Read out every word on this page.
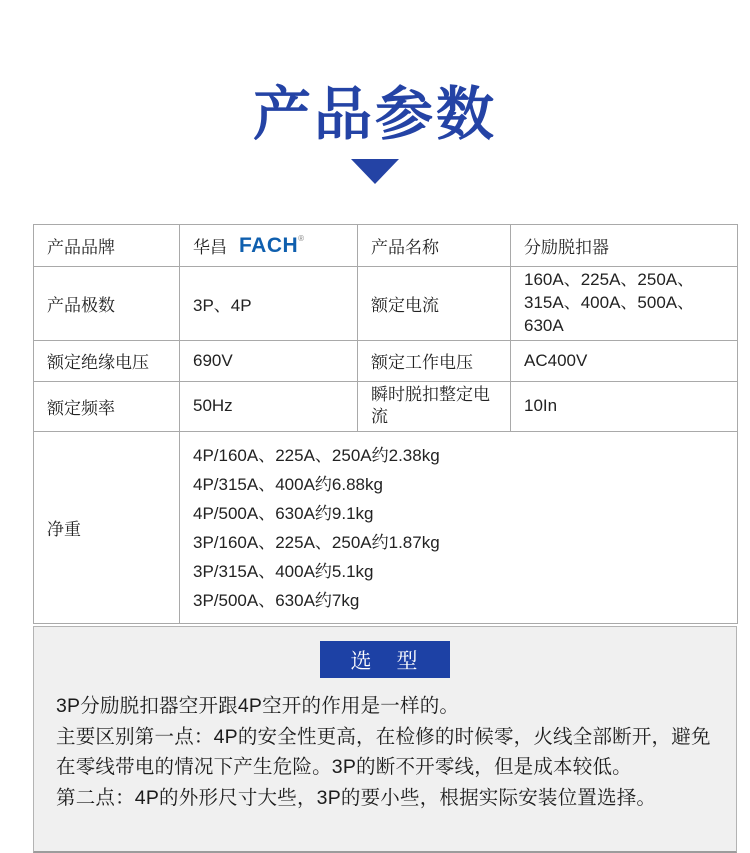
产品参数
产品品牌	华昌 FACH®	产品名称	分励脱扣器
产品极数	3P、4P	额定电流	160A、225A、250A、315A、400A、500A、630A
额定绝缘电压	690V	额定工作电压	AC400V
额定频率	50Hz	瞬时脱扣整定电流	10In
净重	
4P/160A、225A、250A约2.38kg
4P/315A、400A约6.88kg
4P/500A、630A约9.1kg
3P/160A、225A、250A约1.87kg
3P/315A、400A约5.1kg
3P/500A、630A约7kg
选　型
3P分励脱扣器空开跟4P空开的作用是一样的。
主要区别第一点：4P的安全性更高，在检修的时候零，火线全部断开，避免
在零线带电的情况下产生危险。3P的断不开零线，但是成本较低。
第二点：4P的外形尺寸大些，3P的要小些，根据实际安装位置选择。
